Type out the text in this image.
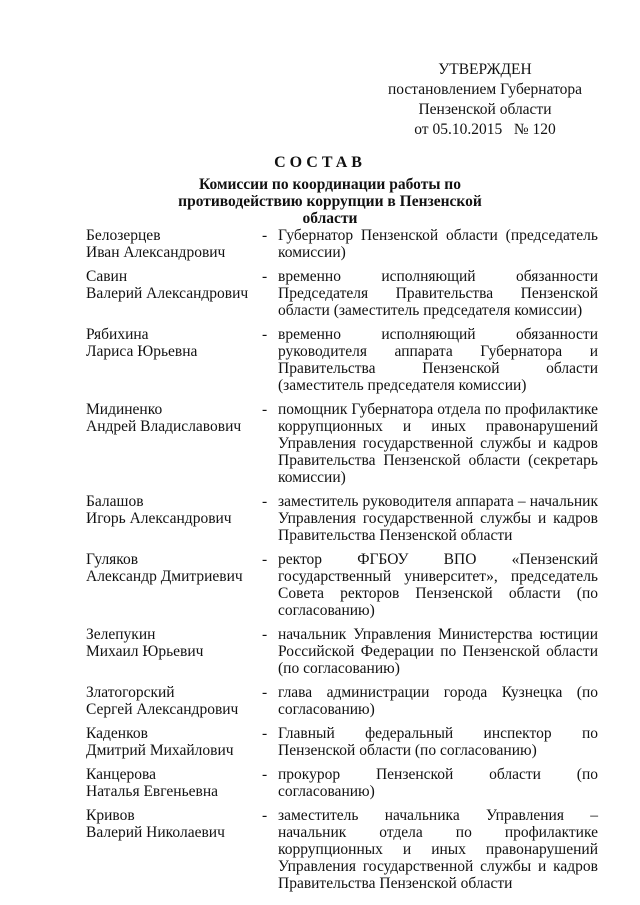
УТВЕРЖДЕН
постановлением Губернатора
Пензенской области
от 05.10.2015   № 120
СОСТАВ
Комиссии по координации работы по противодействию коррупции в Пензенской области
Белозерцев
Иван Александрович
- Губернатор Пензенской области (председатель комиссии)
Савин
Валерий Александрович
- временно исполняющий обязанности Председателя Правительства Пензенской области (заместитель председателя комиссии)
Рябихина
Лариса Юрьевна
- временно исполняющий обязанности руководителя аппарата Губернатора и Правительства Пензенской области (заместитель председателя комиссии)
Мидиненко
Андрей Владиславович
- помощник Губернатора отдела по профилактике коррупционных и иных правонарушений Управления государственной службы и кадров Правительства Пензенской области (секретарь комиссии)
Балашов
Игорь Александрович
- заместитель руководителя аппарата – начальник Управления государственной службы и кадров Правительства Пензенской области
Гуляков
Александр Дмитриевич
- ректор ФГБОУ ВПО «Пензенский государственный университет», председатель Совета ректоров Пензенской области (по согласованию)
Зелепукин
Михаил Юрьевич
- начальник Управления Министерства юстиции Российской Федерации по Пензенской области (по согласованию)
Златогорский
Сергей Александрович
- глава администрации города Кузнецка (по согласованию)
Каденков
Дмитрий Михайлович
- Главный федеральный инспектор по Пензенской области (по согласованию)
Канцерова
Наталья Евгеньевна
- прокурор Пензенской области (по согласованию)
Кривов
Валерий Николаевич
- заместитель начальника Управления – начальник отдела по профилактике коррупционных и иных правонарушений Управления государственной службы и кадров Правительства Пензенской области
